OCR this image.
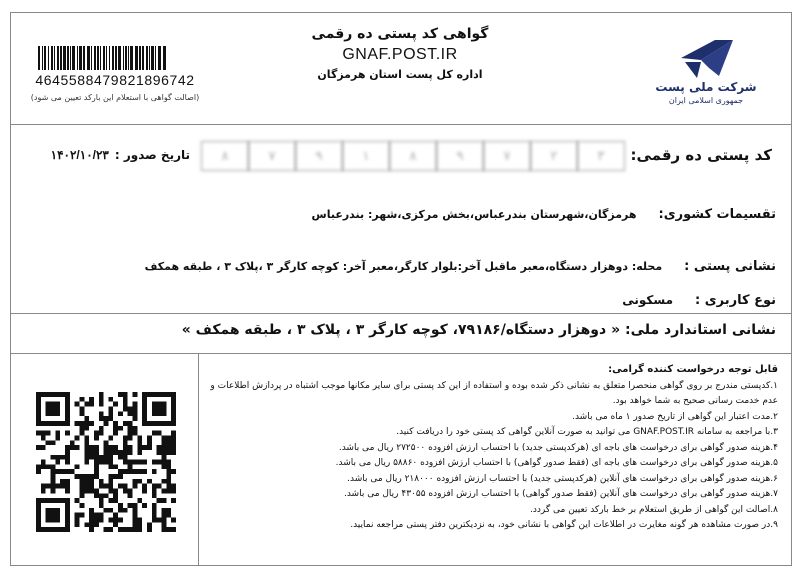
4645588479821896742
(اصالت گواهی با استعلام این بارکد تعیین می شود)
گواهی کد پستی ده رقمی
GNAF.POST.IR
اداره کل پست استان هرمزگان
شرکت ملی پست
جمهوری اسلامی ایران
کد پستی ده رقمی:
۸	۷	۹	۱	۸	۹	۷	۲	۳
تاریخ صدور :۱۴۰۲/۱۰/۲۳
تقسیمات کشوری:هرمزگان،شهرستان بندرعباس،بخش مرکزی،شهر: بندرعباس
نشانی پستی :محله: دوهزار دستگاه،معبر ماقبل آخر:بلوار کارگر،معبر آخر: کوچه کارگر ۳ ،پلاک ۳ ، طبقه همکف
نوع کاربری :مسکونی
نشانی استاندارد ملی: « دوهزار دستگاه/۷۹۱۸۶، کوچه کارگر ۳ ، پلاک ۳ ، طبقه همکف »
قابل توجه درخواست کننده گرامی:
۱.کدپستی مندرج بر روی گواهی منحصرا متعلق به نشانی ذکر شده بوده و استفاده از این کد پستی برای سایر مکانها موجب اشتباه در پردازش اطلاعات و عدم خدمت رسانی صحیح به شما خواهد بود.
۲.مدت اعتبار این گواهی از تاریخ صدور ۱ ماه می باشد.
۳.با مراجعه به سامانه GNAF.POST.IR می توانید به صورت آنلاین گواهی کد پستی خود را دریافت کنید.
۴.هزینه صدور گواهی برای درخواست های باجه ای (هرکدپستی جدید) با احتساب ارزش افزوده ۲۷۲۵۰۰ ریال می باشد.
۵.هزینه صدور گواهی برای درخواست های باجه ای (فقط صدور گواهی) با احتساب ارزش افزوده ۵۸۸۶۰ ریال می باشد.
۶.هزینه صدور گواهی برای درخواست های آنلاین (هرکدپستی جدید) با احتساب ارزش افزوده ۲۱۸۰۰۰ ریال می باشد.
۷.هزینه صدور گواهی برای درخواست های آنلاین (فقط صدور گواهی) با احتساب ارزش افزوده ۴۳۰۵۵ ریال می باشد.
۸.اصالت این گواهی از طریق استعلام بر خط بارکد تعیین می گردد.
۹.در صورت مشاهده هر گونه مغایرت در اطلاعات این گواهی با نشانی خود، به نزدیکترین دفتر پستی مراجعه نمایید.
